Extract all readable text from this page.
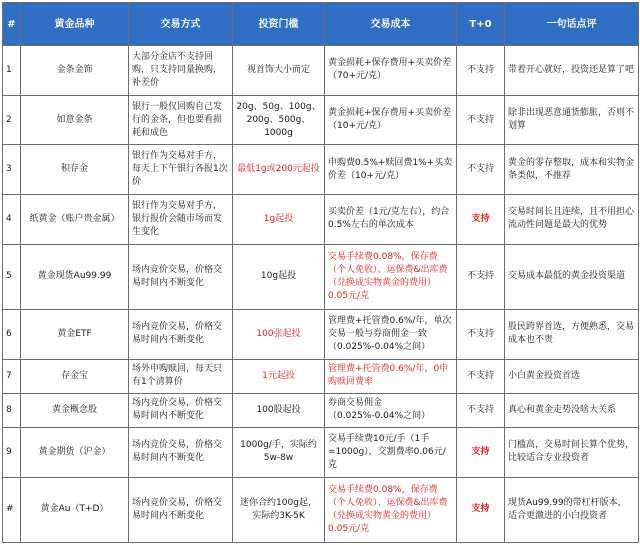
#	黄金品种	交易方式	投资门槛	交易成本	T+0	一句话点评
1	金条金饰	大部分金店不支持回购，只支持同量换购，补差价	视首饰大小而定	黄金损耗+保存费用+买卖价差（70+元/克）	不支持	带着开心就好，投资还是算了吧
2	如意金条	银行一般仅回购自己发行的金条，但也要看损耗和成色	20g、50g、100g、200g、500g、1000g	黄金损耗+保存费用+买卖价差（10+元/克）	不支持	除非出现恶意通货膨胀，否则不划算
3	积存金	银行作为交易对手方，每天上下午银行各报1次价	最低1g或200元起投	申购费0.5%+赎回费1%+买卖价差（10+元/克）	不支持	黄金的零存整取，成本和实物金条类似，不推荐
4	纸黄金（账户贵金属）	银行作为交易对手方，银行报价会随市场而发生变化	1g起投	买卖价差（1元/克左右），约合0.5%左右的单次成本	支持	交易时间长且连续，且不用担心流动性问题是最大的优势
5	黄金现货Au99.99	场内竞价交易，价格交易时间内不断变化	10g起投	交易手续费0.08%，保存费（个人免收）、运保费&出库费（兑换成实物黄金的费用）0.05元/克	不支持	交易成本最低的黄金投资渠道
6	黄金ETF	场内竞价交易，价格交易时间内不断变化	100张起投	管理费+托管费0.6%/年，单次交易一般与券商佣金一致（0.025%-0.04%之间）	不支持	股民跨界首选，方便熟悉，交易成本也不贵
7	存金宝	场外申购赎回，每天只有1个清算价	1元起投	管理费+托管费0.6%/年，0申购赎回费率	不支持	小白黄金投资首选
8	黄金概念股	场内竞价交易，价格交易时间内不断变化	100股起投	券商交易佣金（0.025%-0.04%之间）	不支持	真心和黄金走势没啥大关系
9	黄金期货（沪金）	场内竞价交易，价格交易时间内不断变化	1000g/手，实际约5w-8w	交易手续费10元/手（1手=1000g），交割费率0.06元/克	支持	门槛高，交易时间长算个优势，比较适合专业投资者
#	黄金Au（T+D）	场内竞价交易，价格交易时间内不断变化	迷你合约100g起，实际约3K-5K	交易手续费0.08%，保存费（个人免收）、运保费&出库费（兑换成实物黄金的费用）0.05元/克	支持	现货Au99.99的带杠杆版本，适合更激进的小白投资者
